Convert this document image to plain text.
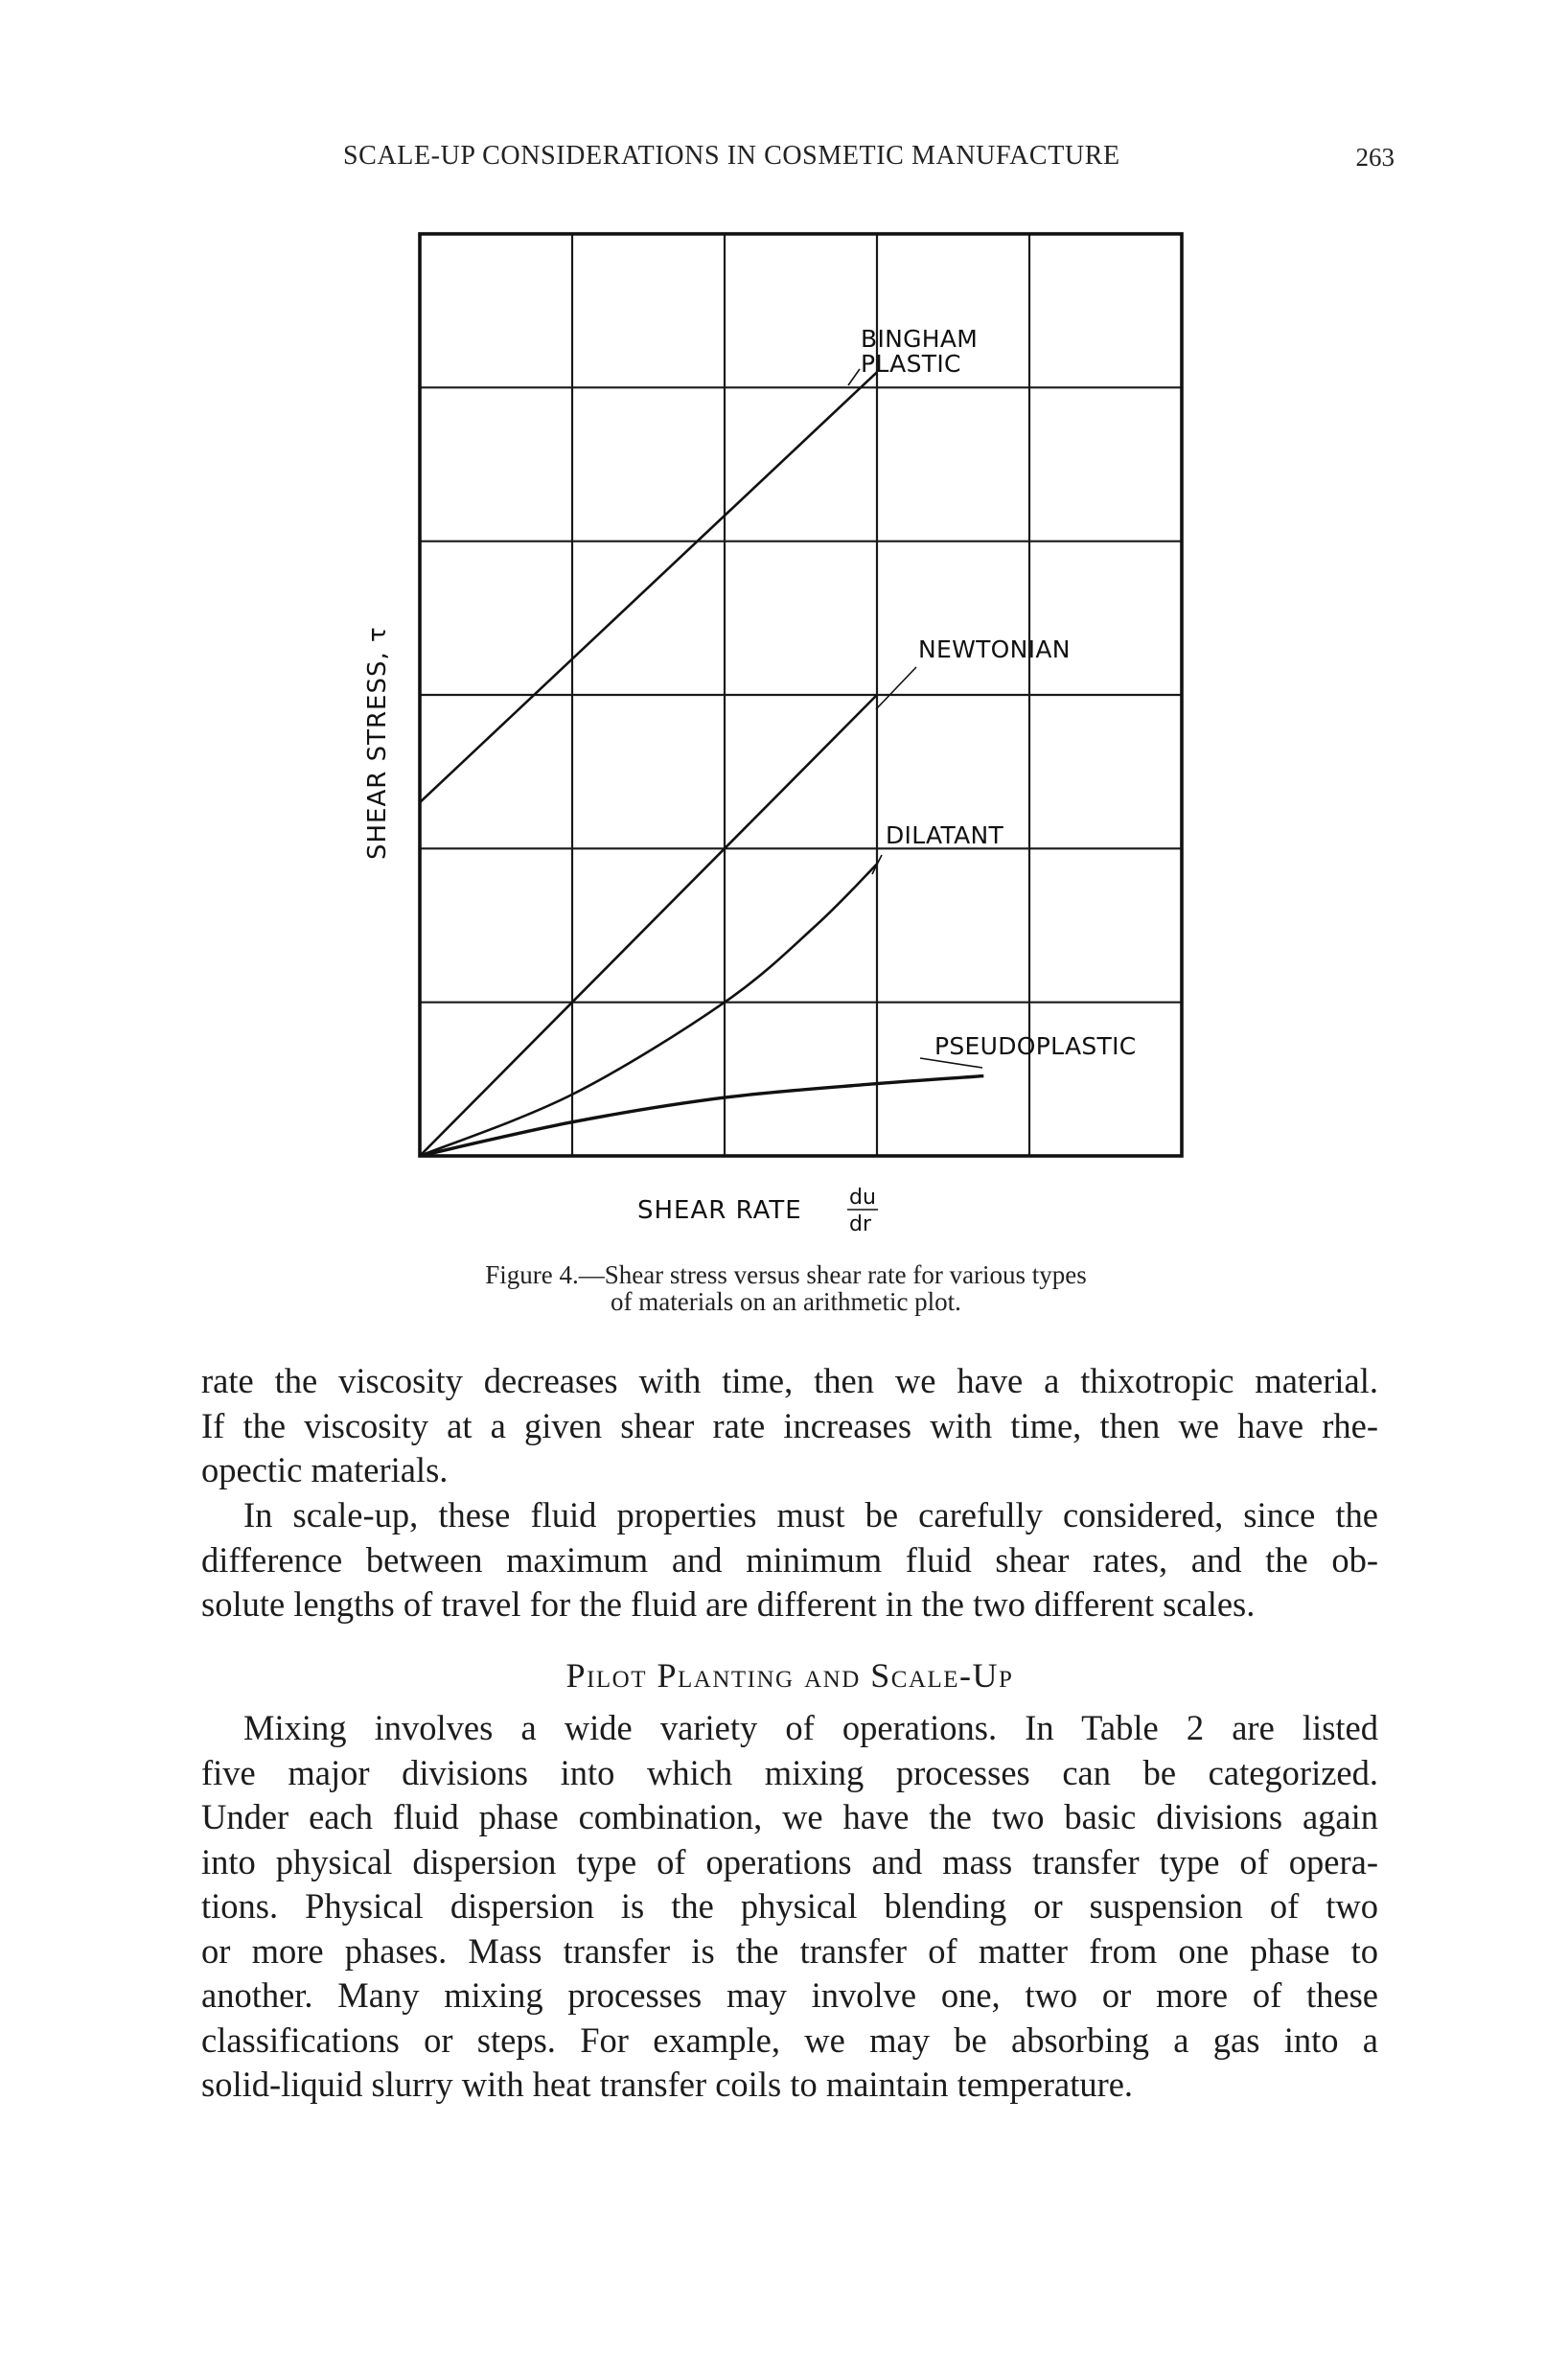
SCALE-UP CONSIDERATIONS IN COSMETIC MANUFACTURE	263
BINGHAM
PLASTIC
NEWTONIAN
DILATANT
PSEUDOPLASTIC
SHEAR STRESS, τ
SHEAR RATE du
dr
Figure 4.—Shear stress versus shear rate for various types
of materials on an arithmetic plot.
rate the viscosity decreases with time, then we have a thixotropic material.
If the viscosity at a given shear rate increases with time, then we have rhe-
opectic materials.
In scale-up, these fluid properties must be carefully considered, since the
difference between maximum and minimum fluid shear rates, and the ob-
solute lengths of travel for the fluid are different in the two different scales.
Pilot Planting and Scale-Up
Mixing involves a wide variety of operations. In Table 2 are listed
five major divisions into which mixing processes can be categorized.
Under each fluid phase combination, we have the two basic divisions again
into physical dispersion type of operations and mass transfer type of opera-
tions. Physical dispersion is the physical blending or suspension of two
or more phases. Mass transfer is the transfer of matter from one phase to
another. Many mixing processes may involve one, two or more of these
classifications or steps. For example, we may be absorbing a gas into a
solid-liquid slurry with heat transfer coils to maintain temperature.
